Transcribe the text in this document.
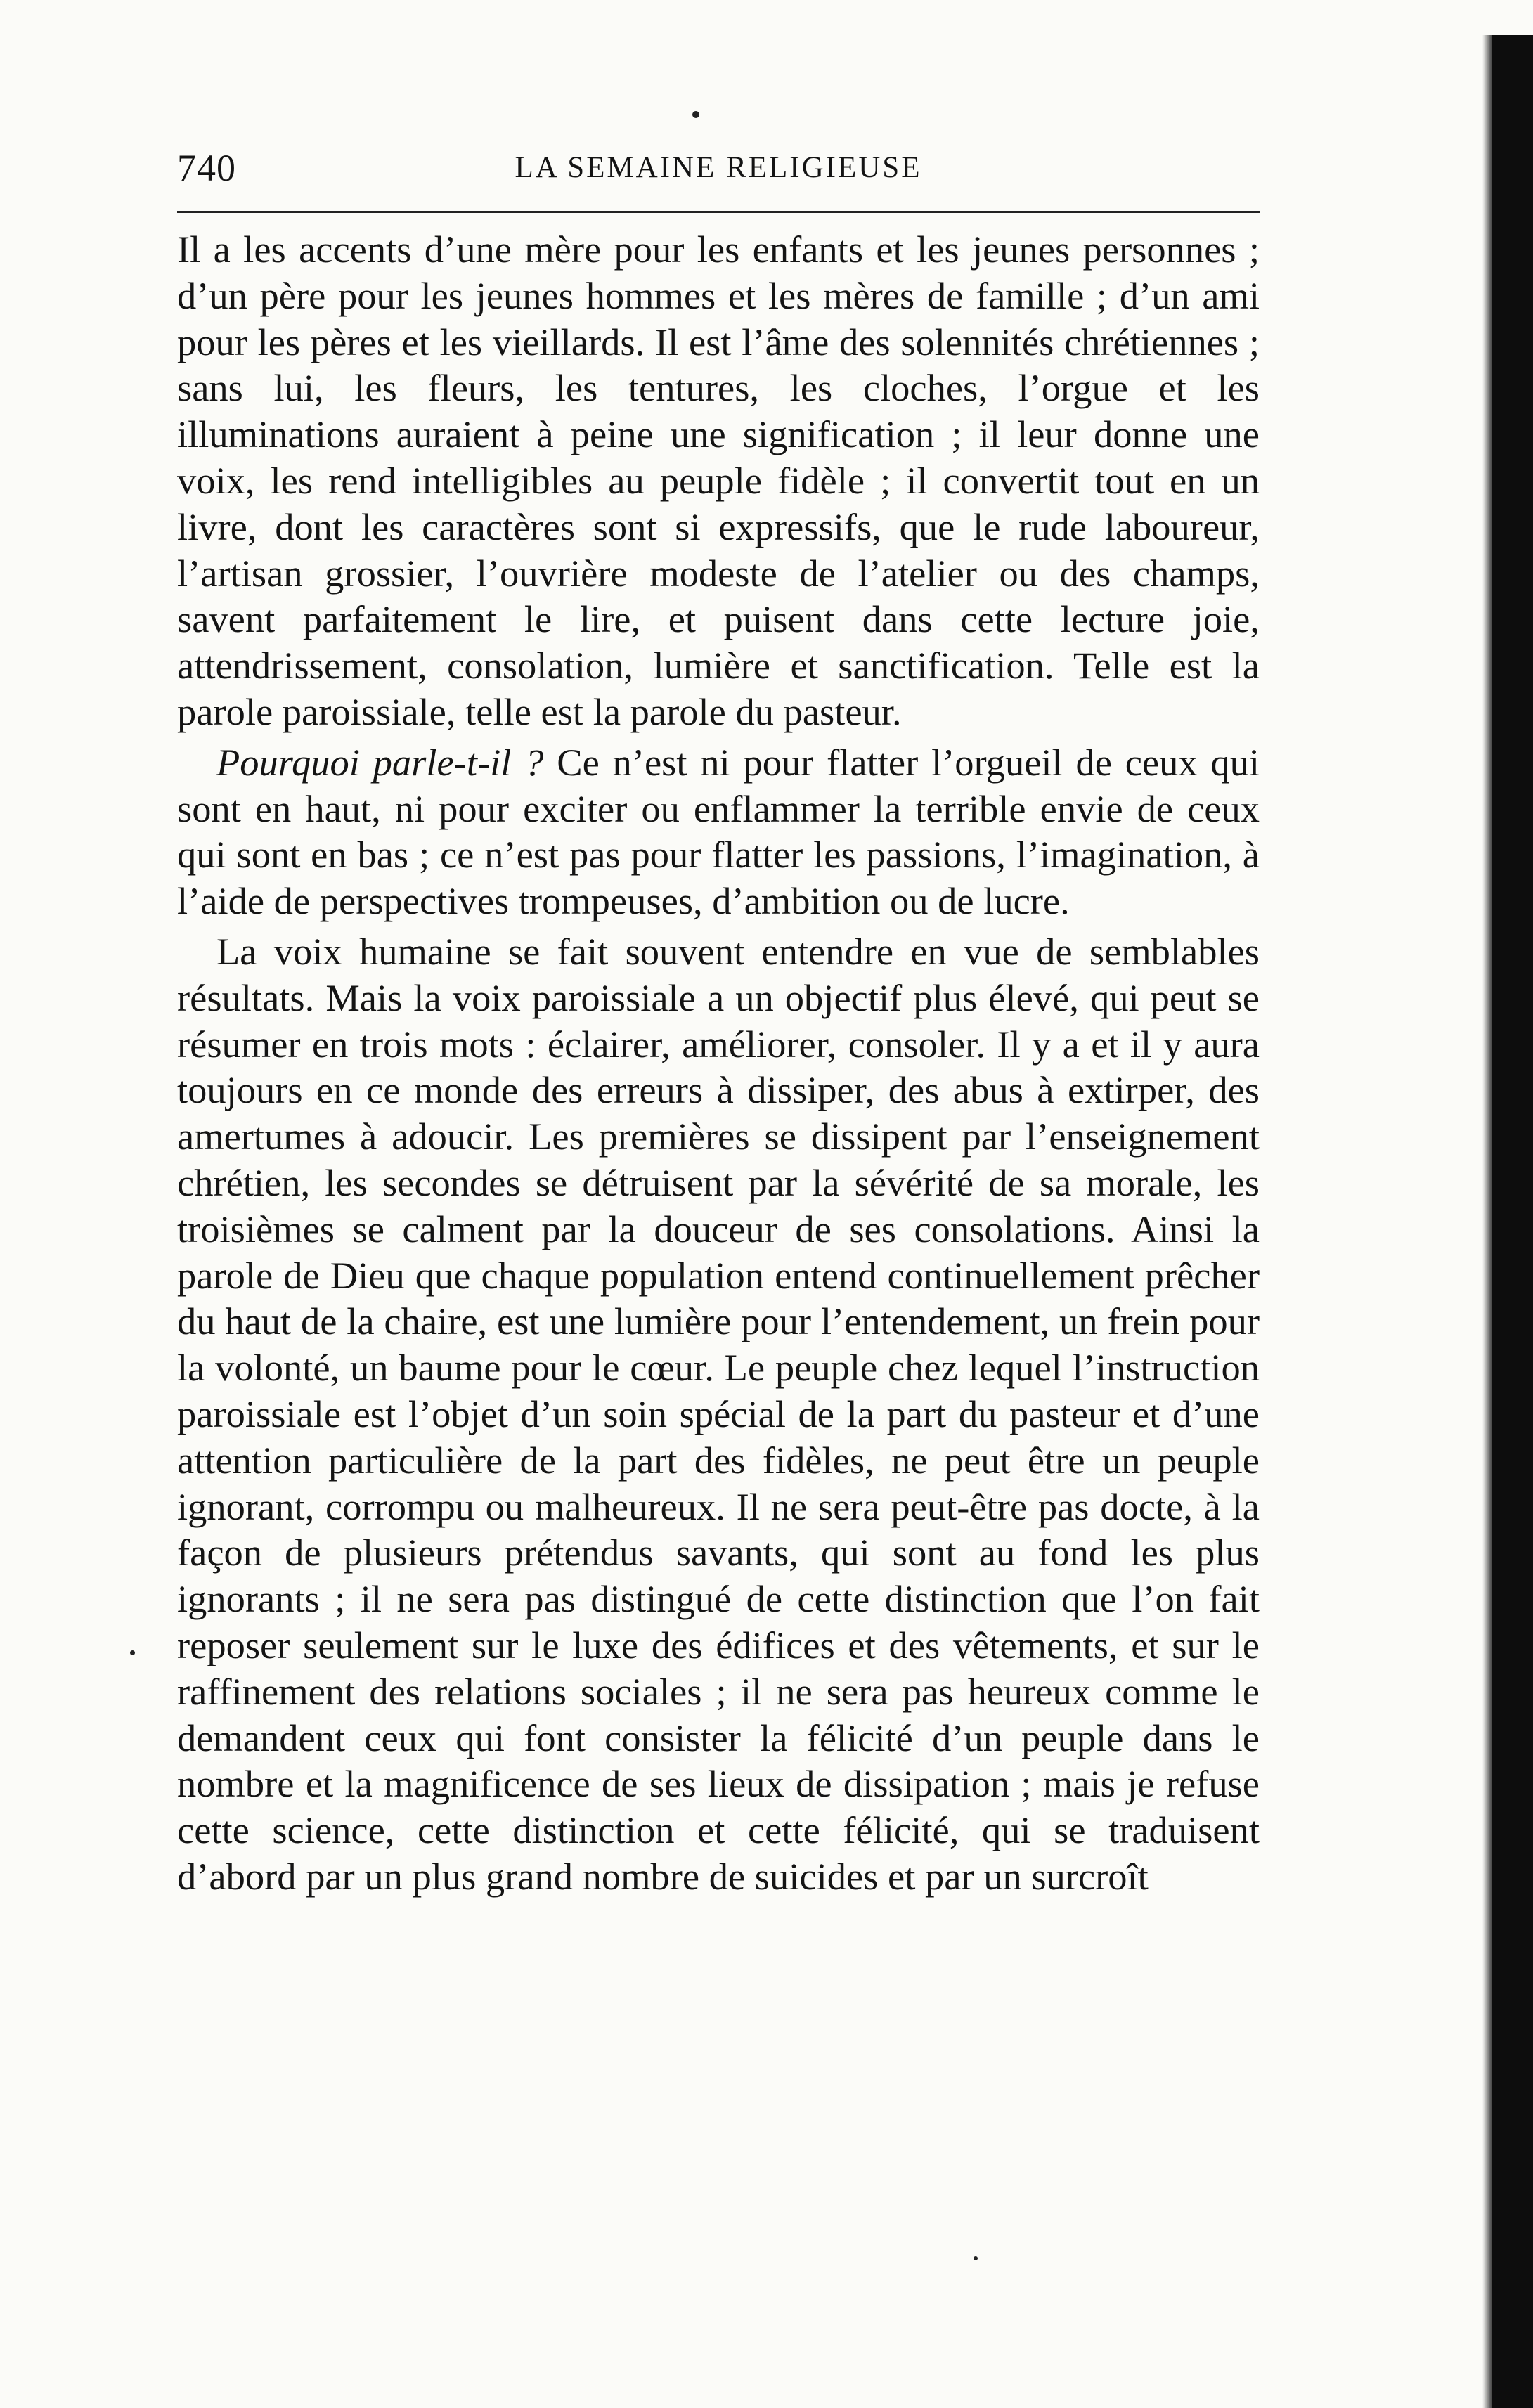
740	LA SEMAINE RELIGIEUSE

Il a les accents d’une mère pour les enfants et les jeunes personnes ; d’un père pour les jeunes hommes et les mères de famille ; d’un ami pour les pères et les vieillards. Il est l’âme des solennités chrétiennes ; sans lui, les fleurs, les tentures, les cloches, l’orgue et les illuminations auraient à peine une signification ; il leur donne une voix, les rend intelligibles au peuple fidèle ; il convertit tout en un livre, dont les caractères sont si expressifs, que le rude laboureur, l’artisan grossier, l’ouvrière modeste de l’atelier ou des champs, savent parfaitement le lire, et puisent dans cette lecture joie, attendrissement, consolation, lumière et sanctification. Telle est la parole paroissiale, telle est la parole du pasteur.

Pourquoi parle-t-il ? Ce n’est ni pour flatter l’orgueil de ceux qui sont en haut, ni pour exciter ou enflammer la terrible envie de ceux qui sont en bas ; ce n’est pas pour flatter les passions, l’imagination, à l’aide de perspectives trompeuses, d’ambition ou de lucre.

La voix humaine se fait souvent entendre en vue de semblables résultats. Mais la voix paroissiale a un objectif plus élevé, qui peut se résumer en trois mots : éclairer, améliorer, consoler. Il y a et il y aura toujours en ce monde des erreurs à dissiper, des abus à extirper, des amertumes à adoucir. Les premières se dissipent par l’enseignement chrétien, les secondes se détruisent par la sévérité de sa morale, les troisièmes se calment par la douceur de ses consolations. Ainsi la parole de Dieu que chaque population entend continuellement prêcher du haut de la chaire, est une lumière pour l’entendement, un frein pour la volonté, un baume pour le cœur. Le peuple chez lequel l’instruction paroissiale est l’objet d’un soin spécial de la part du pasteur et d’une attention particulière de la part des fidèles, ne peut être un peuple ignorant, corrompu ou malheureux. Il ne sera peut-être pas docte, à la façon de plusieurs prétendus savants, qui sont au fond les plus ignorants ; il ne sera pas distingué de cette distinction que l’on fait reposer seulement sur le luxe des édifices et des vêtements, et sur le raffinement des relations sociales ; il ne sera pas heureux comme le demandent ceux qui font consister la félicité d’un peuple dans le nombre et la magnificence de ses lieux de dissipation ; mais je refuse cette science, cette distinction et cette félicité, qui se traduisent d’abord par un plus grand nombre de suicides et par un surcroît
